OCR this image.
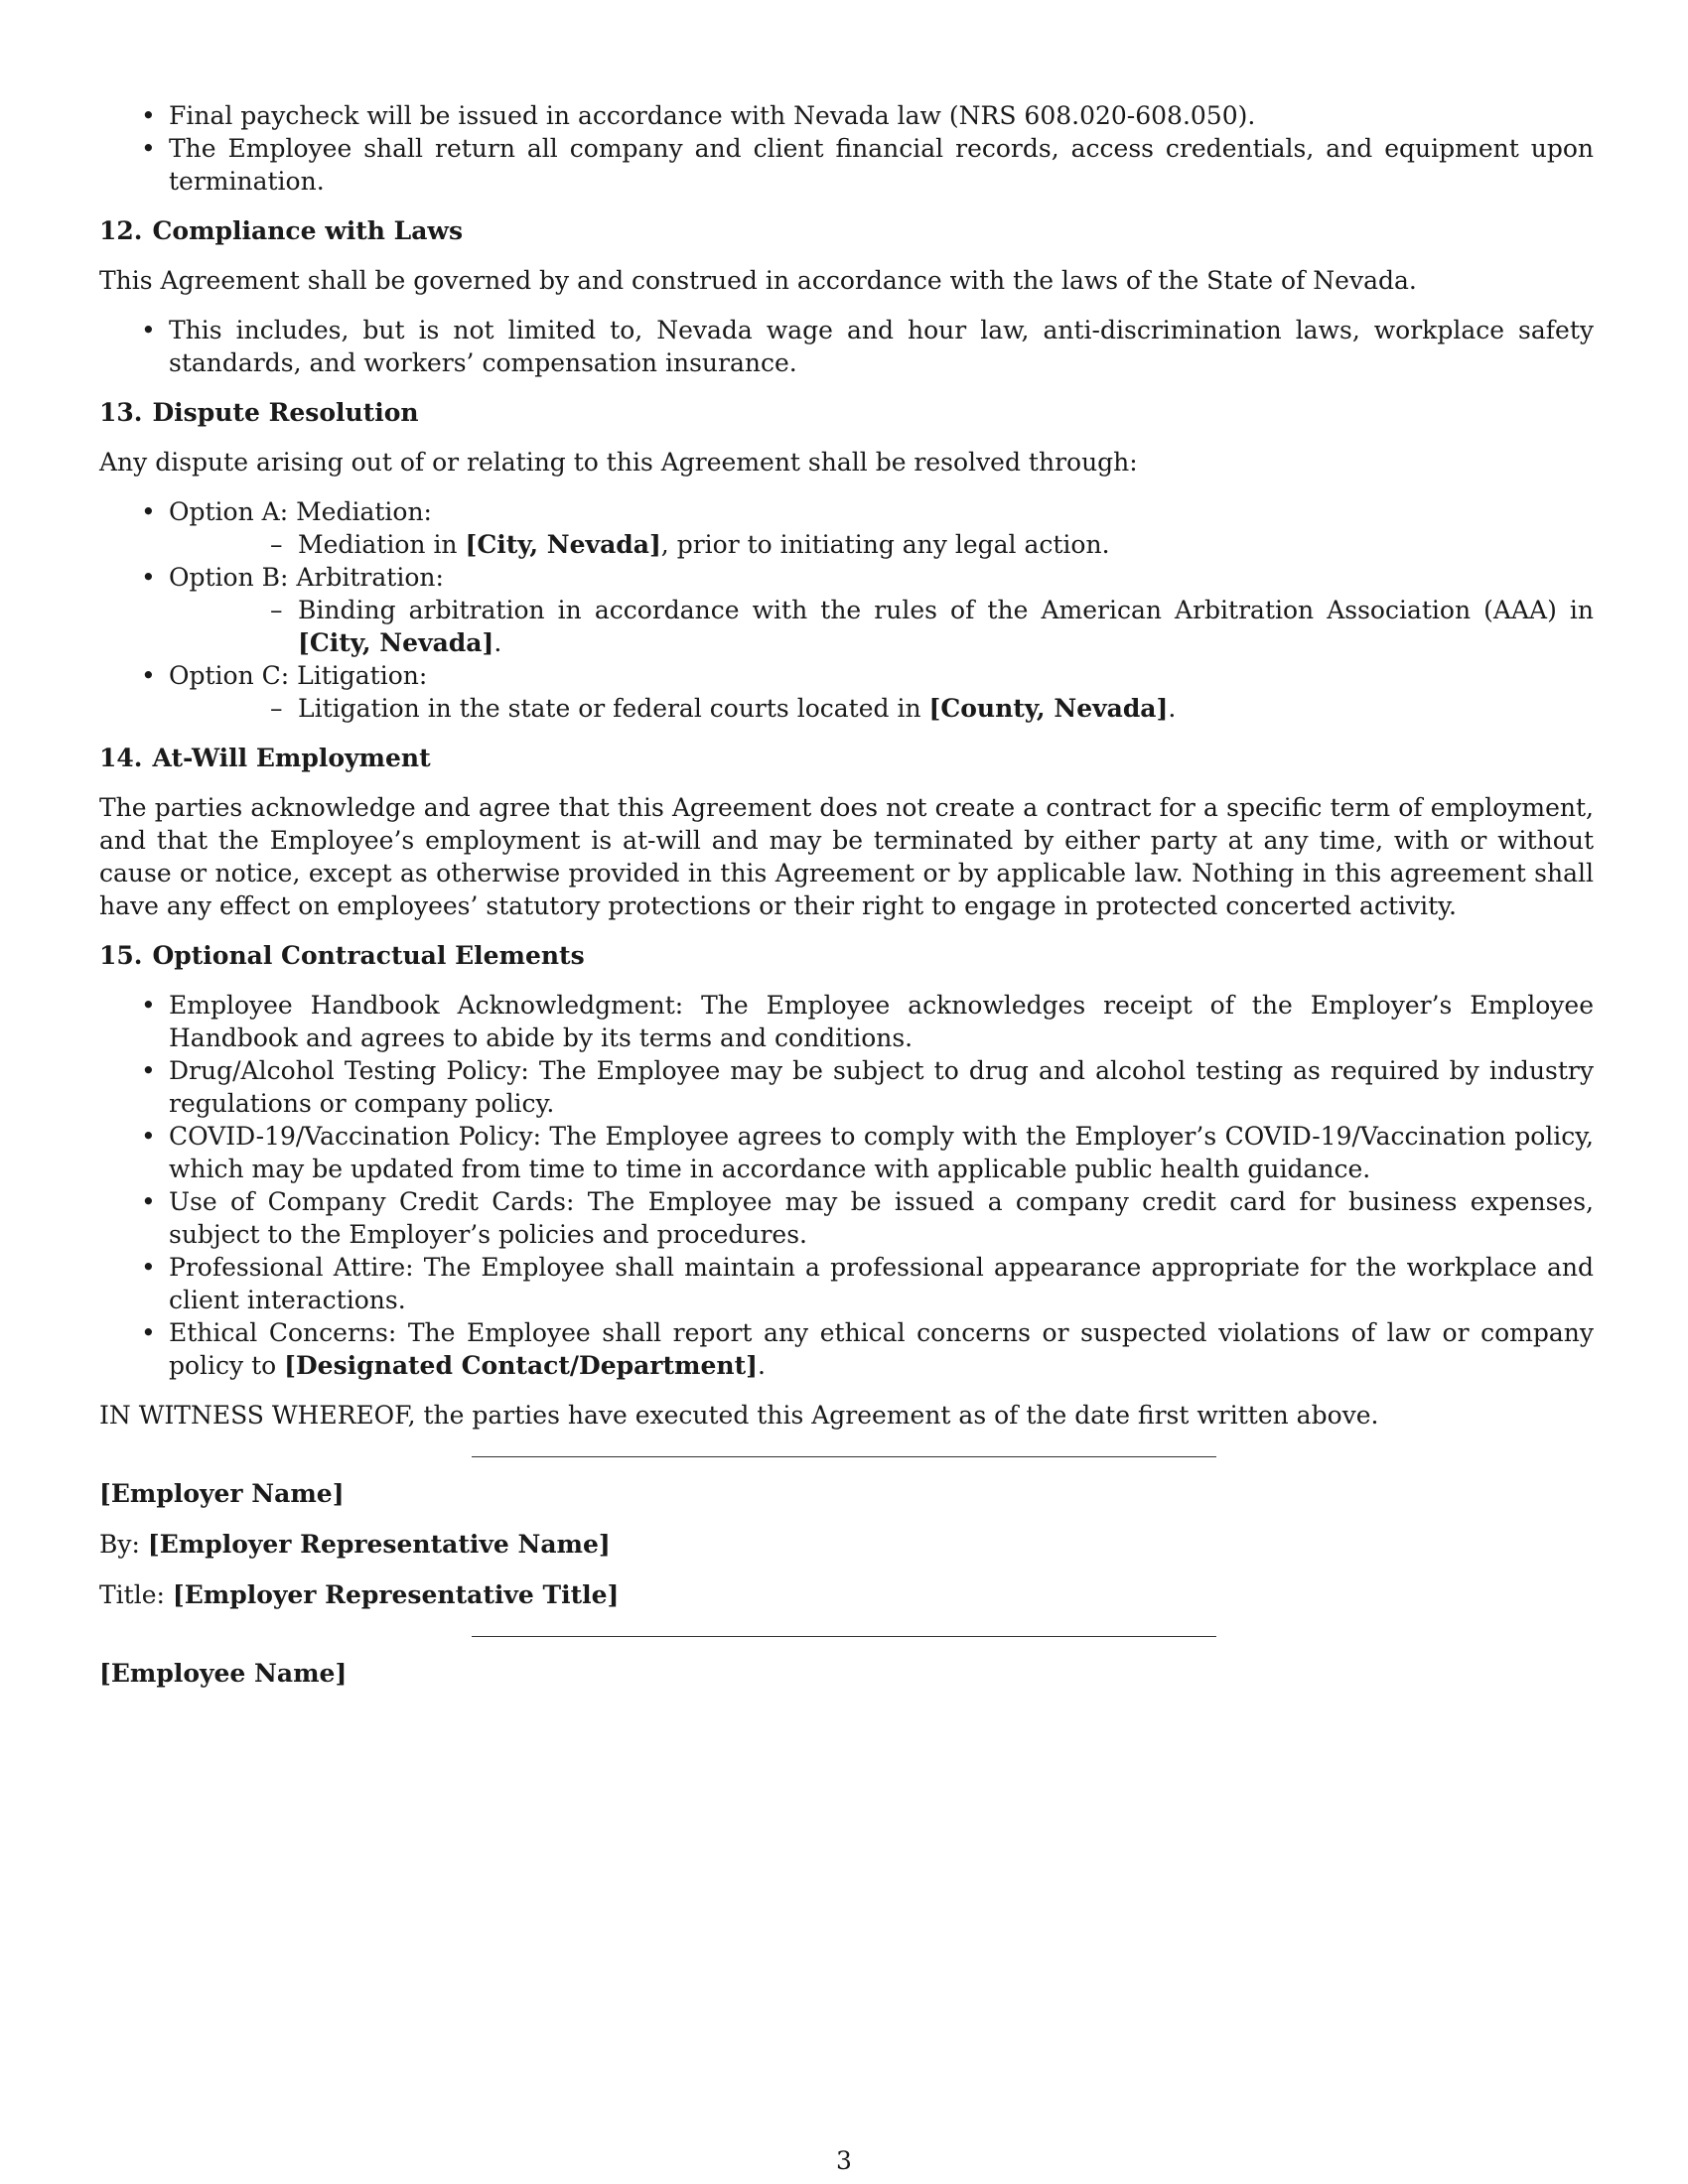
• Final paycheck will be issued in accordance with Nevada law (NRS 608.020-608.050).
• The Employee shall return all company and client financial records, access credentials, and equipment upon termination.
12. Compliance with Laws

This Agreement shall be governed by and construed in accordance with the laws of the State of Nevada.

• This includes, but is not limited to, Nevada wage and hour law, anti-discrimination laws, workplace safety standards, and workers’ compensation insurance.
13. Dispute Resolution

Any dispute arising out of or relating to this Agreement shall be resolved through:

• Option A: Mediation:
– Mediation in [City, Nevada], prior to initiating any legal action.
• Option B: Arbitration:
– Binding arbitration in accordance with the rules of the American Arbitration Association (AAA) in [City, Nevada].
• Option C: Litigation:
– Litigation in the state or federal courts located in [County, Nevada].
14. At-Will Employment

The parties acknowledge and agree that this Agreement does not create a contract for a specific term of employment, and that the Employee’s employment is at-will and may be terminated by either party at any time, with or without cause or notice, except as otherwise provided in this Agreement or by applicable law. Nothing in this agreement shall have any effect on employees’ statutory protections or their right to engage in protected concerted activity.

15. Optional Contractual Elements
• Employee Handbook Acknowledgment: The Employee acknowledges receipt of the Employer’s Employee Handbook and agrees to abide by its terms and conditions.
• Drug/Alcohol Testing Policy: The Employee may be subject to drug and alcohol testing as required by industry regulations or company policy.
• COVID-19/Vaccination Policy: The Employee agrees to comply with the Employer’s COVID-19/Vaccination policy, which may be updated from time to time in accordance with applicable public health guidance.
• Use of Company Credit Cards: The Employee may be issued a company credit card for business expenses, subject to the Employer’s policies and procedures.
• Professional Attire: The Employee shall maintain a professional appearance appropriate for the workplace and client interactions.
• Ethical Concerns: The Employee shall report any ethical concerns or suspected violations of law or company policy to [Designated Contact/Department].

IN WITNESS WHEREOF, the parties have executed this Agreement as of the date first written above.

[Employer Name]

By: [Employer Representative Name]

Title: [Employer Representative Title]

[Employee Name]

3
